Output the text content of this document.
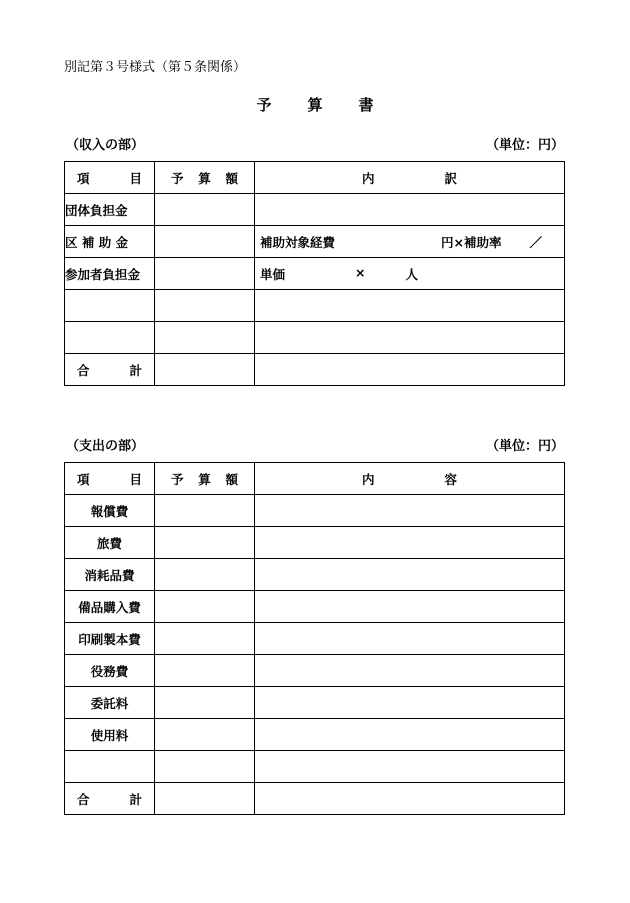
別記第３号様式（第５条関係）
予 算 書
（収入の部）	（単位：円）
項 目	予 算 額	内 訳

団体負担金		
区 補 助 金		補助対象経費 円×補助率 ／

参加者負担金		単価 × 人

合 計		

（支出の部）	（単位：円）
項 目	予 算 額	内 容

報償費		
旅費		
消耗品費		
備品購入費		
印刷製本費		
役務費		
委託料		
使用料		

合 計		
